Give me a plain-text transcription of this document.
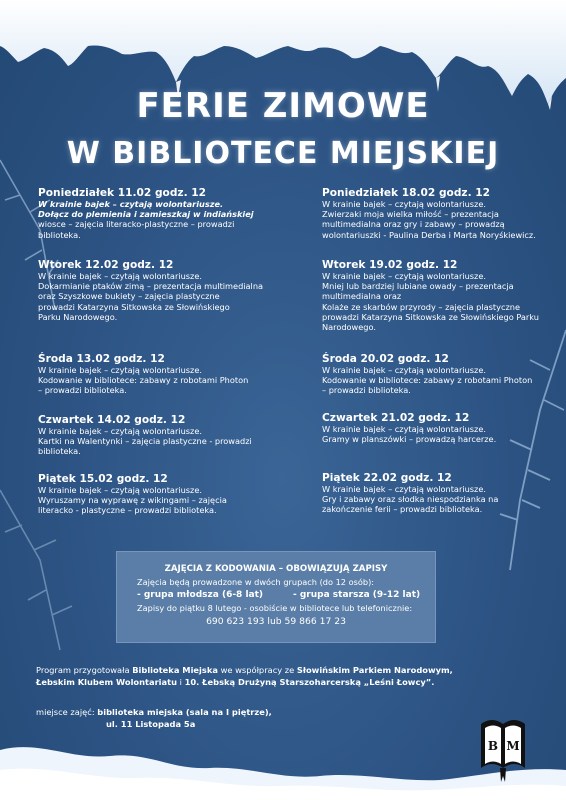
FERIE ZIMOWE
W BIBLIOTECE MIEJSKIEJ
Poniedziałek 11.02 godz. 12
W krainie bajek – czytają wolontariusze.
Dołącz do plemienia i zamieszkaj w indiańskiej
wiosce – zajęcia literacko-plastyczne – prowadzi
biblioteka.
Wtorek 12.02 godz. 12
W krainie bajek – czytają wolontariusze.
Dokarmianie ptaków zimą – prezentacja multimedialna
oraz Szyszkowe bukiety – zajęcia plastyczne
prowadzi Katarzyna Sitkowska ze Słowińskiego
Parku Narodowego.
Środa 13.02 godz. 12
W krainie bajek – czytają wolontariusze.
Kodowanie w bibliotece: zabawy z robotami Photon
– prowadzi biblioteka.
Czwartek 14.02 godz. 12
W krainie bajek – czytają wolontariusze.
Kartki na Walentynki – zajęcia plastyczne - prowadzi
biblioteka.
Piątek 15.02 godz. 12
W krainie bajek – czytają wolontariusze.
Wyruszamy na wyprawę z wikingami – zajęcia
literacko - plastyczne – prowadzi biblioteka.
Poniedziałek 18.02 godz. 12
W krainie bajek – czytają wolontariusze.
Zwierzaki moja wielka miłość – prezentacja
multimedialna oraz gry i zabawy – prowadzą
wolontariuszki - Paulina Derba i Marta Noryśkiewicz.
Wtorek 19.02 godz. 12
W krainie bajek – czytają wolontariusze.
Mniej lub bardziej lubiane owady – prezentacja
multimedialna oraz
Kolaże ze skarbów przyrody – zajęcia plastyczne
prowadzi Katarzyna Sitkowska ze Słowińskiego Parku
Narodowego.
Środa 20.02 godz. 12
W krainie bajek – czytają wolontariusze.
Kodowanie w bibliotece: zabawy z robotami Photon
– prowadzi biblioteka.
Czwartek 21.02 godz. 12
W krainie bajek – czytają wolontariusze.
Gramy w planszówki – prowadzą harcerze.
Piątek 22.02 godz. 12
W krainie bajek – czytają wolontariusze.
Gry i zabawy oraz słodka niespodzianka na
zakończenie ferii – prowadzi biblioteka.
ZAJĘCIA Z KODOWANIA – OBOWIĄZUJĄ ZAPISY
Zajęcia będą prowadzone w dwóch grupach (do 12 osób):
- grupa młodsza (6-8 lat)	- grupa starsza (9-12 lat)
Zapisy do piątku 8 lutego - osobiście w bibliotece lub telefonicznie:
690 623 193 lub 59 866 17 23
Program przygotowała Biblioteka Miejska we współpracy ze Słowińskim Parkiem Narodowym,
Łebskim Klubem Wolontariatu i 10. Łebską Drużyną Starszoharcerską „Leśni Łowcy”.
miejsce zajęć: biblioteka miejska (sala na I piętrze),
ul. 11 Listopada 5a
B M
